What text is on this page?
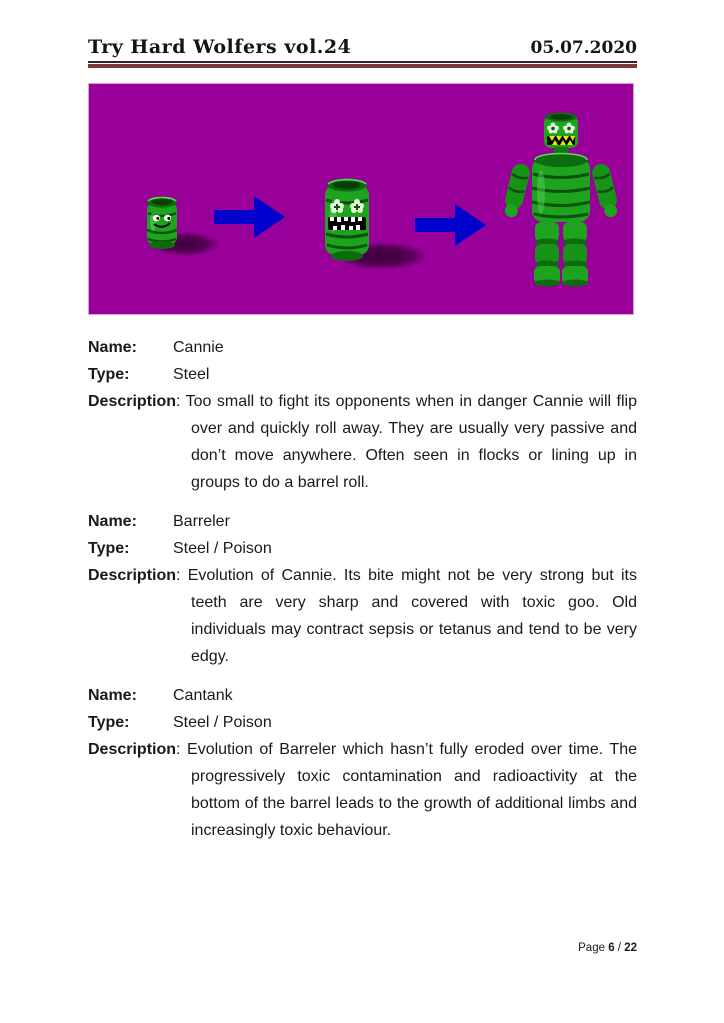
Try Hard Wolfers vol.24	05.07.2020
Name: Cannie
Type:	Steel

Description: Too small to fight its opponents when in danger Cannie will flip over and quickly roll away. They are usually very passive and don’t move anywhere. Often seen in flocks or lining up in groups to do a barrel roll.

Name: Barreler
Type:	Steel / Poison

Description: Evolution of Cannie. Its bite might not be very strong but its teeth are very sharp and covered with toxic goo. Old individuals may contract sepsis or tetanus and tend to be very edgy.

Name: Cantank
Type:	Steel / Poison

Description: Evolution of Barreler which hasn’t fully eroded over time. The progressively toxic contamination and radioactivity at the bottom of the barrel leads to the growth of additional limbs and increasingly toxic behaviour.

Page 6 / 22
